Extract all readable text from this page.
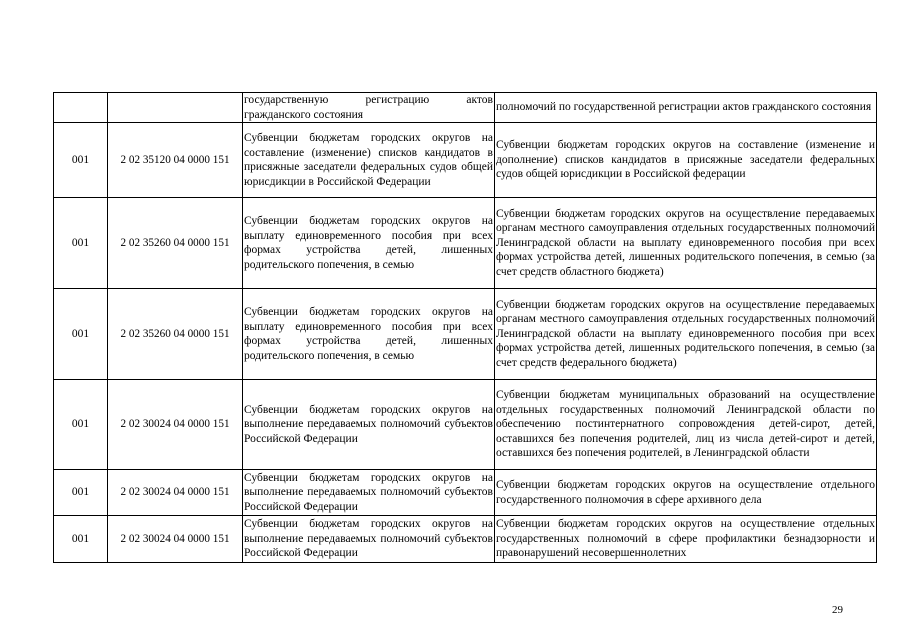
		государственную регистрацию актов гражданского состояния	полномочий по государственной регистрации актов гражданского состояния
001	2 02 35120 04 0000 151	Субвенции бюджетам городских округов на составление (изменение) списков кандидатов в присяжные заседатели федеральных судов общей юрисдикции в Российской Федерации	Субвенции бюджетам городских округов на составление (изменение и дополнение) списков кандидатов в присяжные заседатели федеральных судов общей юрисдикции в Российской федерации
001	2 02 35260 04 0000 151	Субвенции бюджетам городских округов на выплату единовременного пособия при всех формах устройства детей, лишенных родительского попечения, в семью	Субвенции бюджетам городских округов на осуществление передаваемых органам местного самоуправления отдельных государственных полномочий Ленинградской области на выплату единовременного пособия при всех формах устройства детей, лишенных родительского попечения, в семью (за счет средств областного бюджета)
001	2 02 35260 04 0000 151	Субвенции бюджетам городских округов на выплату единовременного пособия при всех формах устройства детей, лишенных родительского попечения, в семью	Субвенции бюджетам городских округов на осуществление передаваемых органам местного самоуправления отдельных государственных полномочий Ленинградской области на выплату единовременного пособия при всех формах устройства детей, лишенных родительского попечения, в семью (за счет средств федерального бюджета)
001	2 02 30024 04 0000 151	Субвенции бюджетам городских округов на выполнение передаваемых полномочий субъектов Российской Федерации	Субвенции бюджетам муниципальных образований на осуществление отдельных государственных полномочий Ленинградской области по обеспечению постинтернатного сопровождения детей-сирот, детей, оставшихся без попечения родителей, лиц из числа детей-сирот и детей, оставшихся без попечения родителей, в Ленинградской области
001	2 02 30024 04 0000 151	Субвенции бюджетам городских округов на выполнение передаваемых полномочий субъектов Российской Федерации	Субвенции бюджетам городских округов на осуществление отдельного государственного полномочия в сфере архивного дела
001	2 02 30024 04 0000 151	Субвенции бюджетам городских округов на выполнение передаваемых полномочий субъектов Российской Федерации	Субвенции бюджетам городских округов на осуществление отдельных государственных полномочий в сфере профилактики безнадзорности и правонарушений несовершеннолетних
29
